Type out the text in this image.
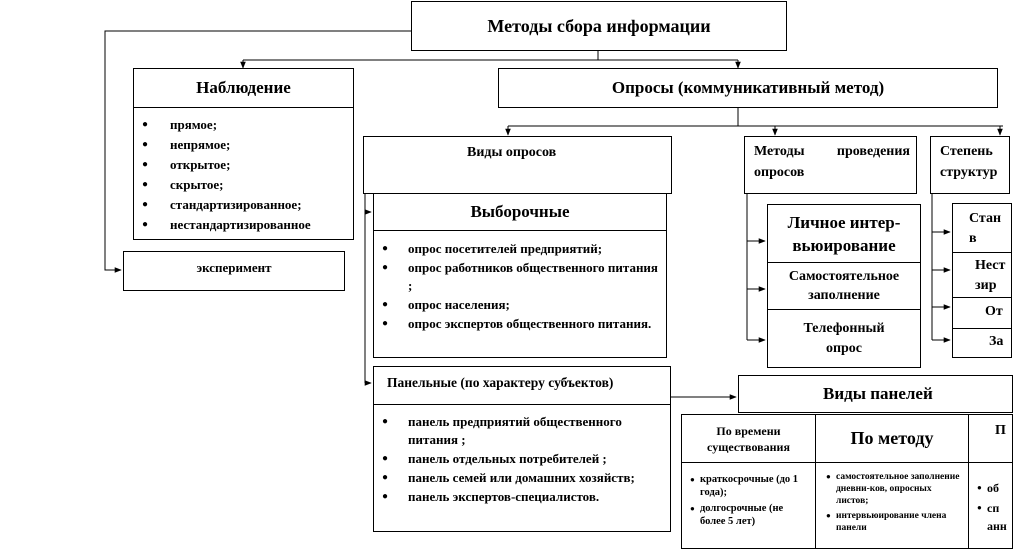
Методы сбора информации
Наблюдение
● прямое;
● непрямое;
● открытое;
● скрытое;
● стандартизированное;
● нестандартизированное
эксперимент
Опросы (коммуникативный метод)
Виды опросов
Выборочные
● опрос посетителей предприятий;
● опрос работников общественного питания ;
● опрос населения;
● опрос экспертов общественного питания.
Панельные (по характеру субъектов)
● панель предприятий общественного питания ;
● панель отдельных потребителей ;
● панель семей или домашних хозяйств;
● панель экспертов-специалистов.
Методы проведения опросов
Личное интер-вьюирование
Самостоятельное заполнение
Телефонный опрос
Степень
структур
Стан в
Нест зир
От
За
Виды панелей
По времени существования
● краткосрочные (до 1 года);
● долгосрочные (не более 5 лет)
По методу
● самостоятельное заполнение дневни-ков, опросных листов;
● интервьюирование члена панели
П
● об
● сп анн
